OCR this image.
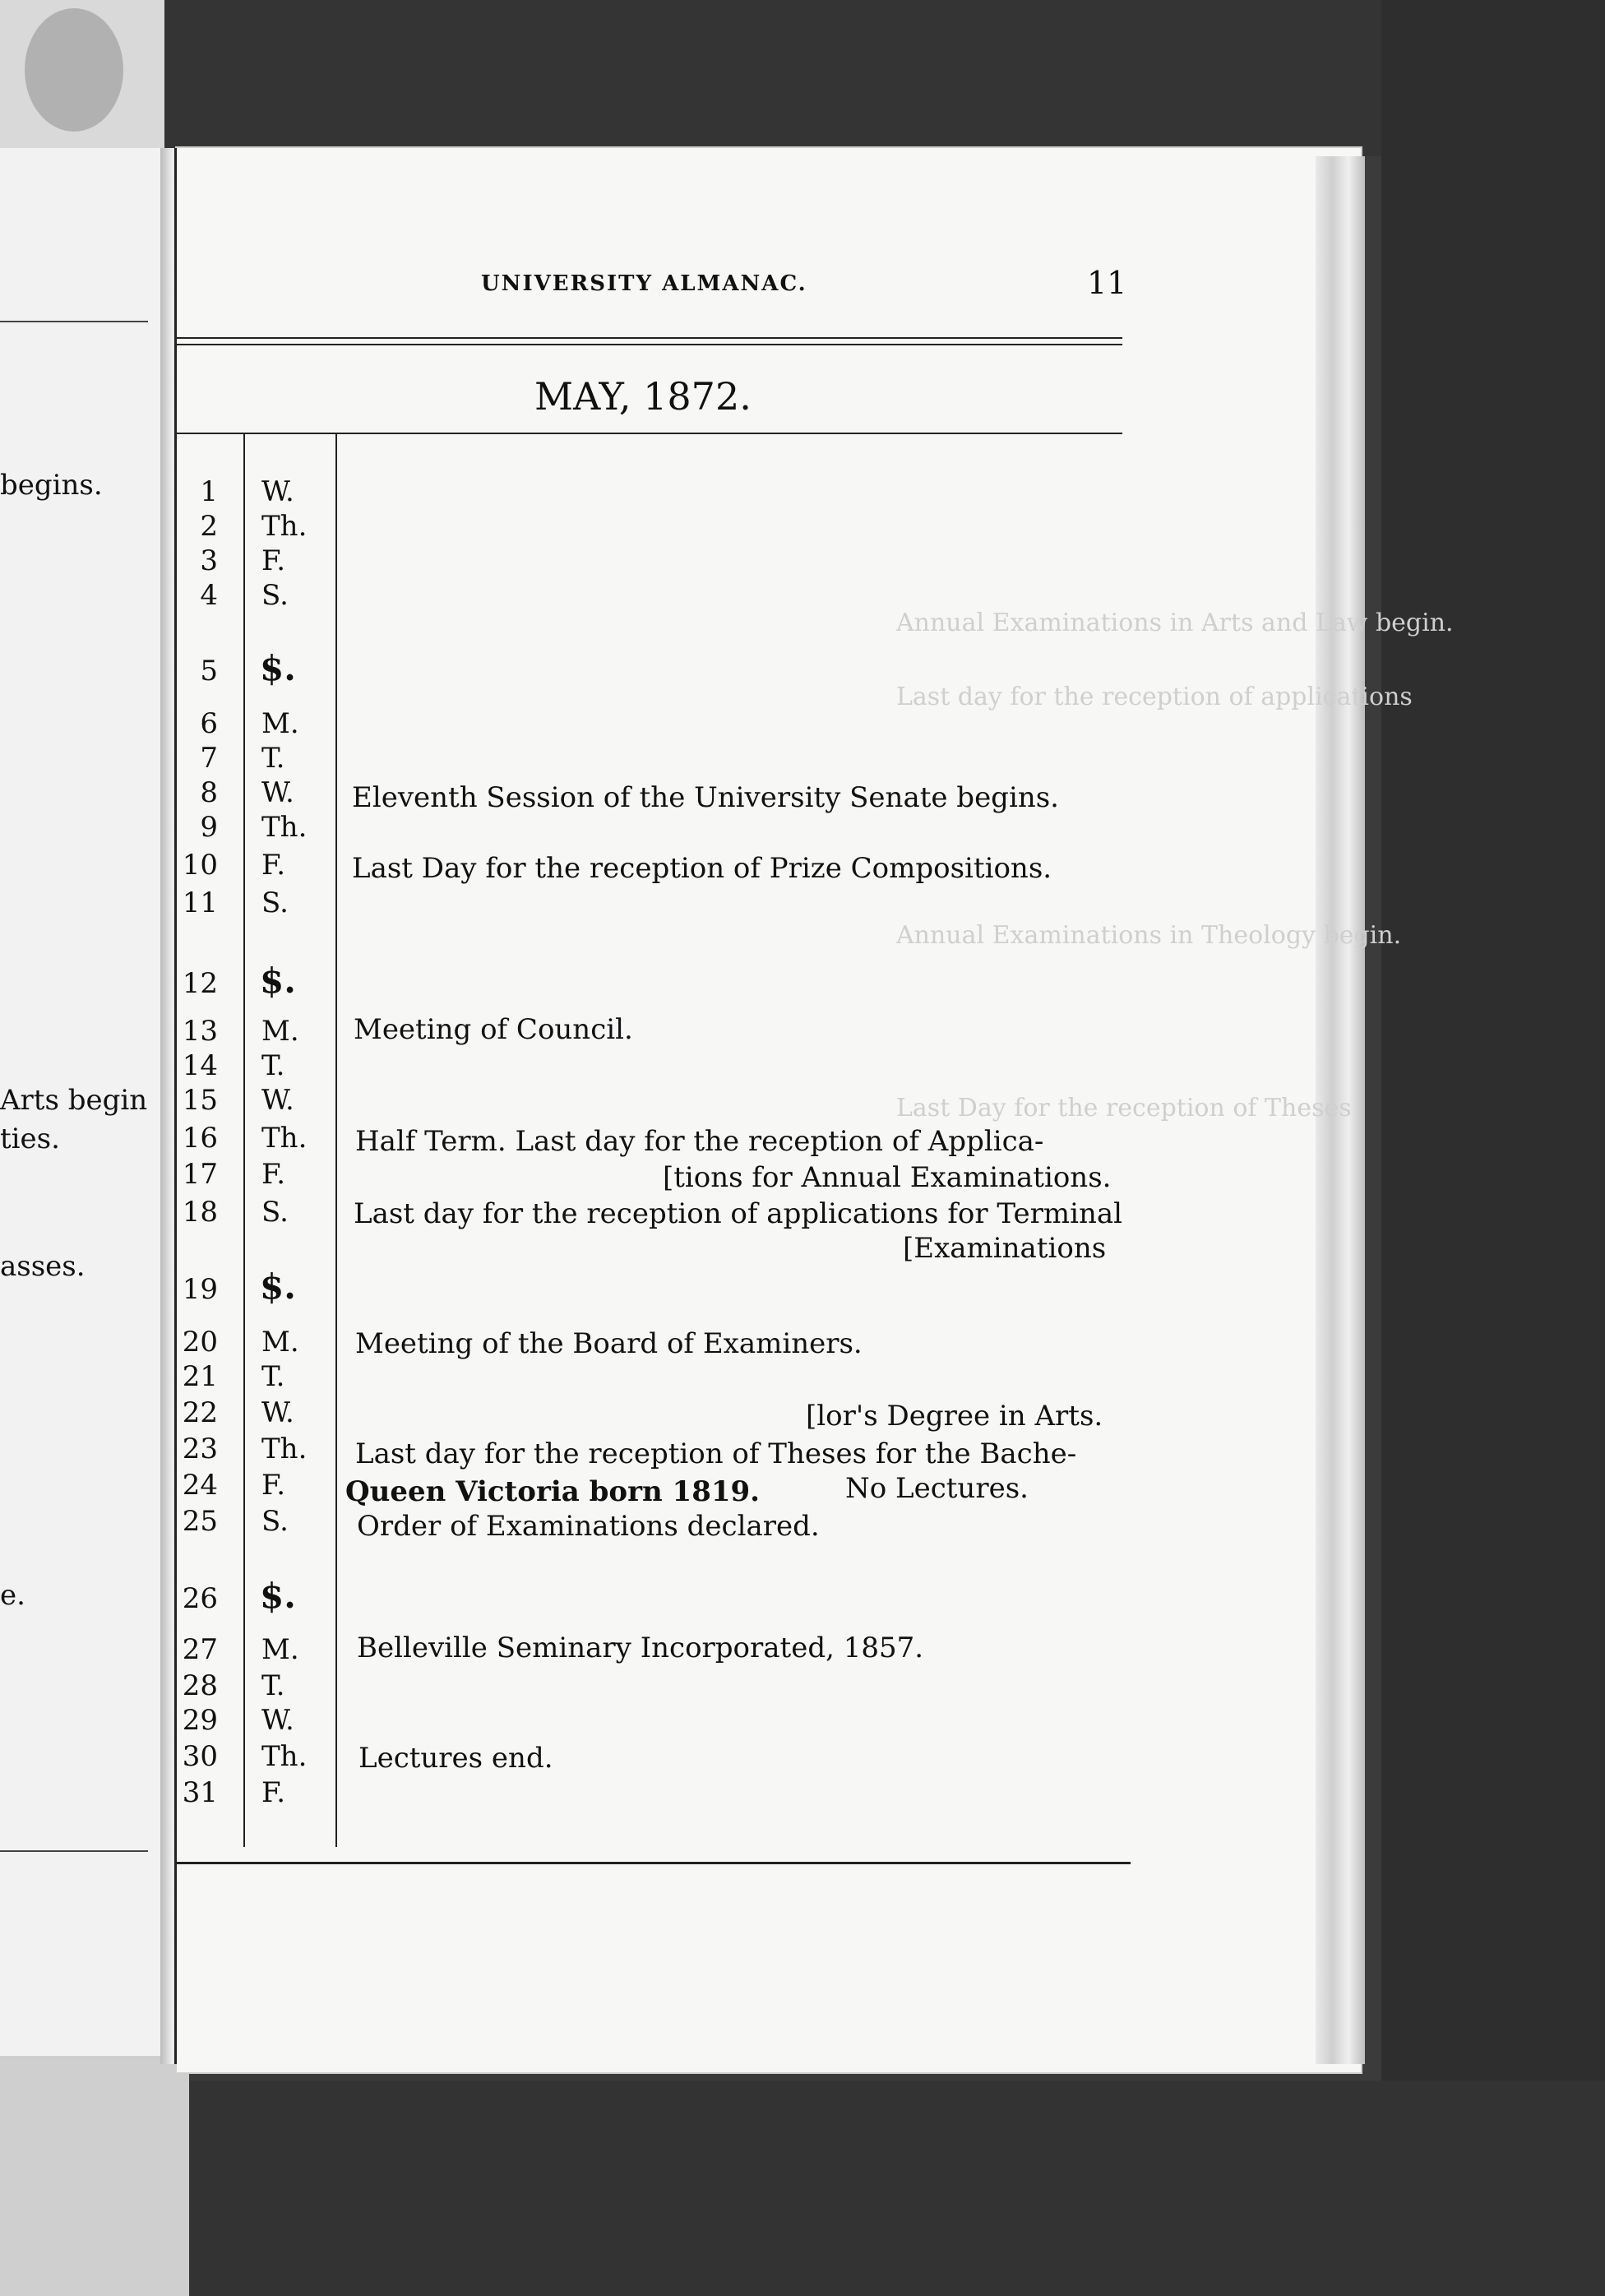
begins.
Arts begin
ties.
asses.
e.
Annual Examinations in Arts and Law begin.
Last day for the reception of applications
Annual Examinations in Theology begin.
Last Day for the reception of Theses
UNIVERSITY ALMANAC.	11
MAY, 1872.
1 W.
2 Th.
3 F.
4 S.
5 $.
6 M.
7 T.
8 W.
9 Th.
10 F.
11 S.
12 $.
13 M.
14 T.
15 W.
16 Th.
17 F.
18 S.
19 $.
20 M.
21 T.
22 W.
23 Th.
24 F.
25 S.
26 $.
27 M.
28 T.
29 W.
30 Th.
31 F.
Eleventh Session of the University Senate begins.
Last Day for the reception of Prize Compositions.
Meeting of Council.
Half Term. Last day for the reception of Applica-
[tions for Annual Examinations.
Last day for the reception of applications for Terminal
[Examinations
Meeting of the Board of Examiners.
[lor's Degree in Arts.
Last day for the reception of Theses for the Bache-
Queen Victoria born 1819.	No Lectures.
Order of Examinations declared.
Belleville Seminary Incorporated, 1857.
Lectures end.
